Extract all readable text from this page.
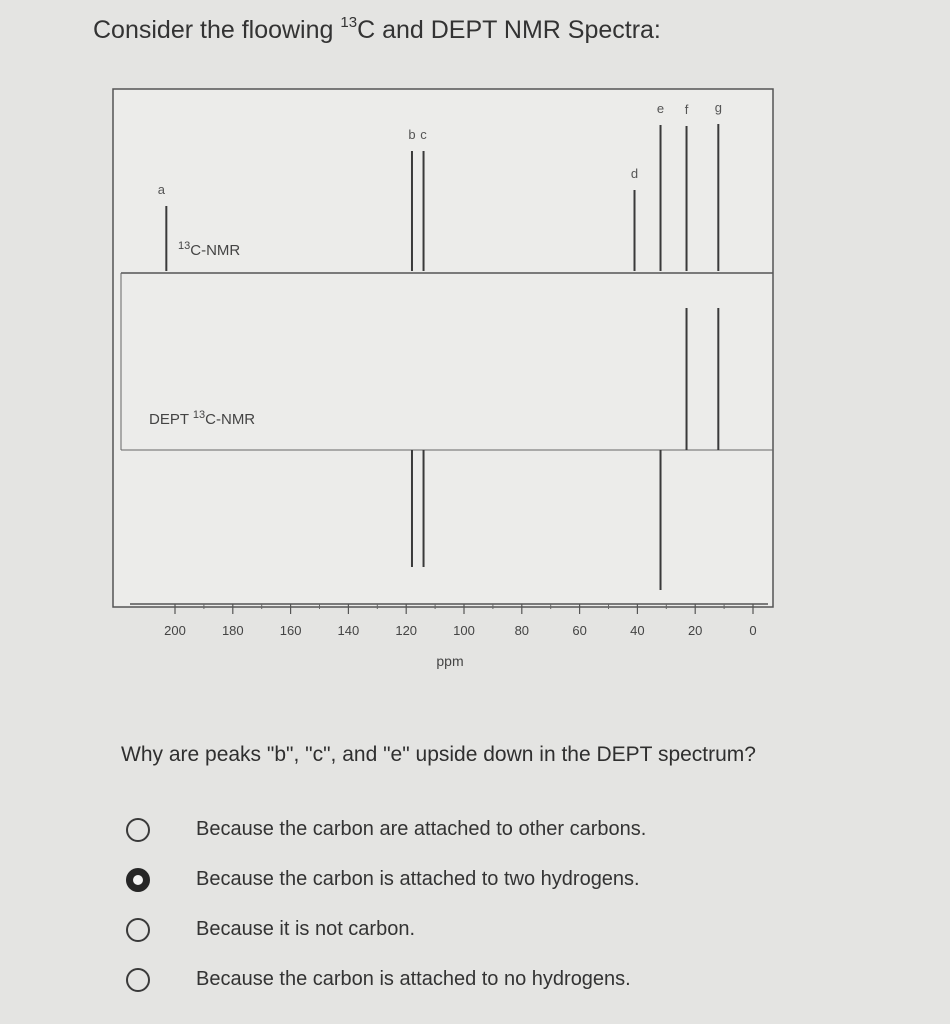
Consider the floowing $^{13}$C and DEPT NMR Spectra:
$^{13}$C-NMR
DEPT $^{13}$C-NMR
a
b c
d
e f g
200	180	160	140	120	100	80	60	40	20	0
ppm
Why are peaks "b", "c", and "e" upside down in the DEPT spectrum?
Because the carbon are attached to other carbons.
Because the carbon is attached to two hydrogens.
Because it is not carbon.
Because the carbon is attached to no hydrogens.
